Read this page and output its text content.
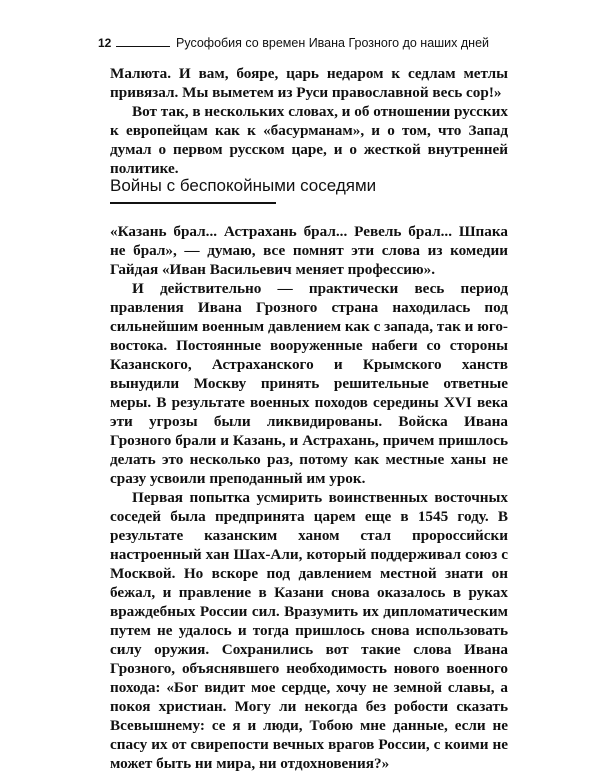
12	Русофобия со времен Ивана Грозного до наших дней

Малюта. И вам, бояре, царь недаром к седлам метлы привязал. Мы выметем из Руси православной весь сор!»

Вот так, в нескольких словах, и об отношении русских к европейцам как к «басурманам», и о том, что Запад думал о первом русском царе, и о жесткой внутренней политике.

Войны с беспокойными соседями

«Казань брал... Астрахань брал... Ревель брал... Шпака не брал», — думаю, все помнят эти слова из комедии Гайдая «Иван Васильевич меняет профессию».

И действительно — практически весь период правления Ивана Грозного страна находилась под сильнейшим военным давлением как с запада, так и юго-востока. Постоянные вооруженные набеги со стороны Казанского, Астраханского и Крымского ханств вынудили Москву принять решительные ответные меры. В результате военных походов середины XVI века эти угрозы были ликвидированы. Войска Ивана Грозного брали и Казань, и Астрахань, причем пришлось делать это несколько раз, потому как местные ханы не сразу усвоили преподанный им урок.

Первая попытка усмирить воинственных восточных соседей была предпринята царем еще в 1545 году. В результате казанским ханом стал пророссийски настроенный хан Шах-Али, который поддерживал союз с Москвой. Но вскоре под давлением местной знати он бежал, и правление в Казани снова оказалось в руках враждебных России сил. Вразумить их дипломатическим путем не удалось и тогда пришлось снова использовать силу оружия. Сохранились вот такие слова Ивана Грозного, объяснявшего необходимость нового военного похода: «Бог видит мое сердце, хочу не земной славы, а покоя христиан. Могу ли некогда без робости сказать Всевышнему: се я и люди, Тобою мне данные, если не спасу их от свирепости вечных врагов России, с коими не может быть ни мира, ни отдохновения?»
